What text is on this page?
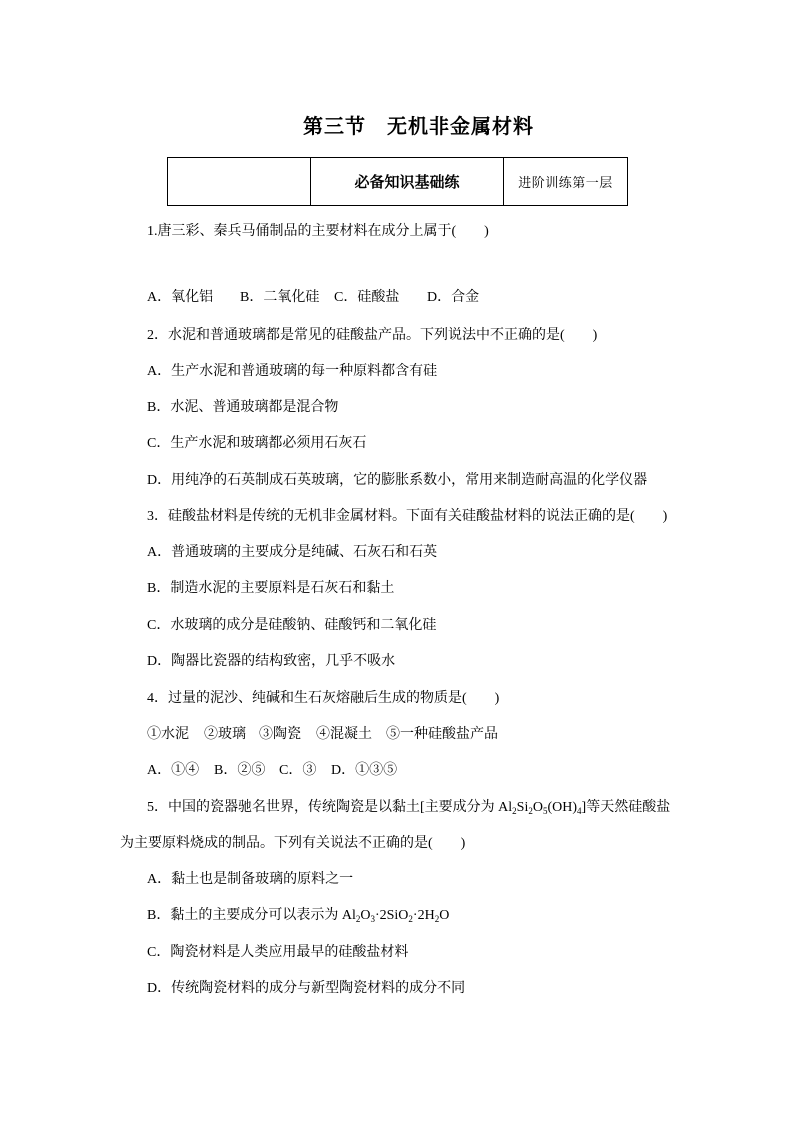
第三节　无机非金属材料
必备知识基础练	进阶训练第一层
1.唐三彩、秦兵马俑制品的主要材料在成分上属于(　　)
A．氧化铝 B．二氧化硅 C．硅酸盐 D．合金
2．水泥和普通玻璃都是常见的硅酸盐产品。下列说法中不正确的是(　　)
A．生产水泥和普通玻璃的每一种原料都含有硅
B．水泥、普通玻璃都是混合物
C．生产水泥和玻璃都必须用石灰石
D．用纯净的石英制成石英玻璃，它的膨胀系数小，常用来制造耐高温的化学仪器
3．硅酸盐材料是传统的无机非金属材料。下面有关硅酸盐材料的说法正确的是(　　)
A．普通玻璃的主要成分是纯碱、石灰石和石英
B．制造水泥的主要原料是石灰石和黏土
C．水玻璃的成分是硅酸钠、硅酸钙和二氧化硅
D．陶器比瓷器的结构致密，几乎不吸水
4．过量的泥沙、纯碱和生石灰熔融后生成的物质是(　　)
①水泥 ②玻璃 ③陶瓷 ④混凝土 ⑤一种硅酸盐产品
A．①④ B．②⑤ C．③ D．①③⑤
5．中国的瓷器驰名世界，传统陶瓷是以黏土[主要成分为 $Al_2Si_2O_5(OH)_4$]等天然硅酸盐
为主要原料烧成的制品。下列有关说法不正确的是(　　)
A．黏土也是制备玻璃的原料之一
B．黏土的主要成分可以表示为 $Al_2O_3\cdot 2SiO_2\cdot 2H_2O$
C．陶瓷材料是人类应用最早的硅酸盐材料
D．传统陶瓷材料的成分与新型陶瓷材料的成分不同
